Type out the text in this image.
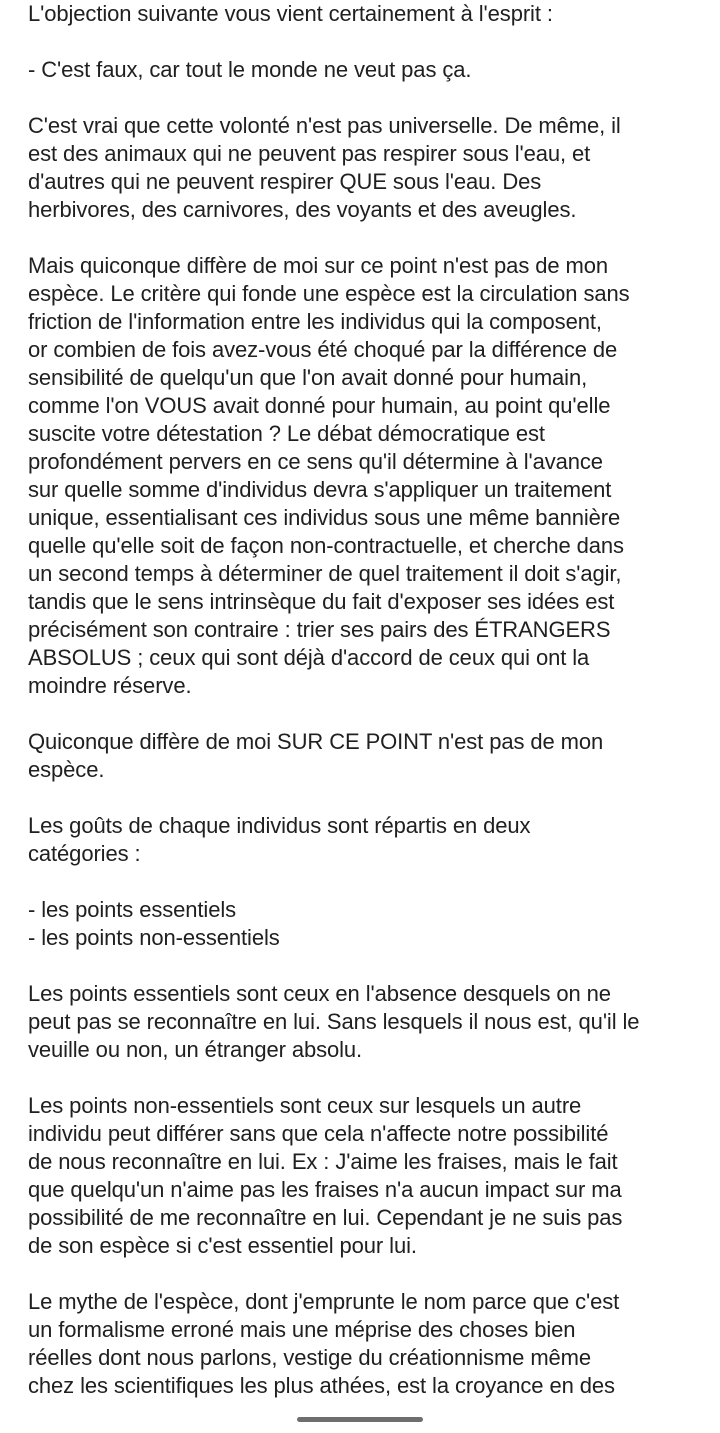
L'objection suivante vous vient certainement à l'esprit :
- C'est faux, car tout le monde ne veut pas ça.
C'est vrai que cette volonté n'est pas universelle. De même, il
est des animaux qui ne peuvent pas respirer sous l'eau, et
d'autres qui ne peuvent respirer QUE sous l'eau. Des
herbivores, des carnivores, des voyants et des aveugles.
Mais quiconque diffère de moi sur ce point n'est pas de mon
espèce. Le critère qui fonde une espèce est la circulation sans
friction de l'information entre les individus qui la composent,
or combien de fois avez-vous été choqué par la différence de
sensibilité de quelqu'un que l'on avait donné pour humain,
comme l'on VOUS avait donné pour humain, au point qu'elle
suscite votre détestation ? Le débat démocratique est
profondément pervers en ce sens qu'il détermine à l'avance
sur quelle somme d'individus devra s'appliquer un traitement
unique, essentialisant ces individus sous une même bannière
quelle qu'elle soit de façon non-contractuelle, et cherche dans
un second temps à déterminer de quel traitement il doit s'agir,
tandis que le sens intrinsèque du fait d'exposer ses idées est
précisément son contraire : trier ses pairs des ÉTRANGERS
ABSOLUS ; ceux qui sont déjà d'accord de ceux qui ont la
moindre réserve.
Quiconque diffère de moi SUR CE POINT n'est pas de mon
espèce.
Les goûts de chaque individus sont répartis en deux
catégories :
- les points essentiels
- les points non-essentiels
Les points essentiels sont ceux en l'absence desquels on ne
peut pas se reconnaître en lui. Sans lesquels il nous est, qu'il le
veuille ou non, un étranger absolu.
Les points non-essentiels sont ceux sur lesquels un autre
individu peut différer sans que cela n'affecte notre possibilité
de nous reconnaître en lui. Ex : J'aime les fraises, mais le fait
que quelqu'un n'aime pas les fraises n'a aucun impact sur ma
possibilité de me reconnaître en lui. Cependant je ne suis pas
de son espèce si c'est essentiel pour lui.
Le mythe de l'espèce, dont j'emprunte le nom parce que c'est
un formalisme erroné mais une méprise des choses bien
réelles dont nous parlons, vestige du créationnisme même
chez les scientifiques les plus athées, est la croyance en des
